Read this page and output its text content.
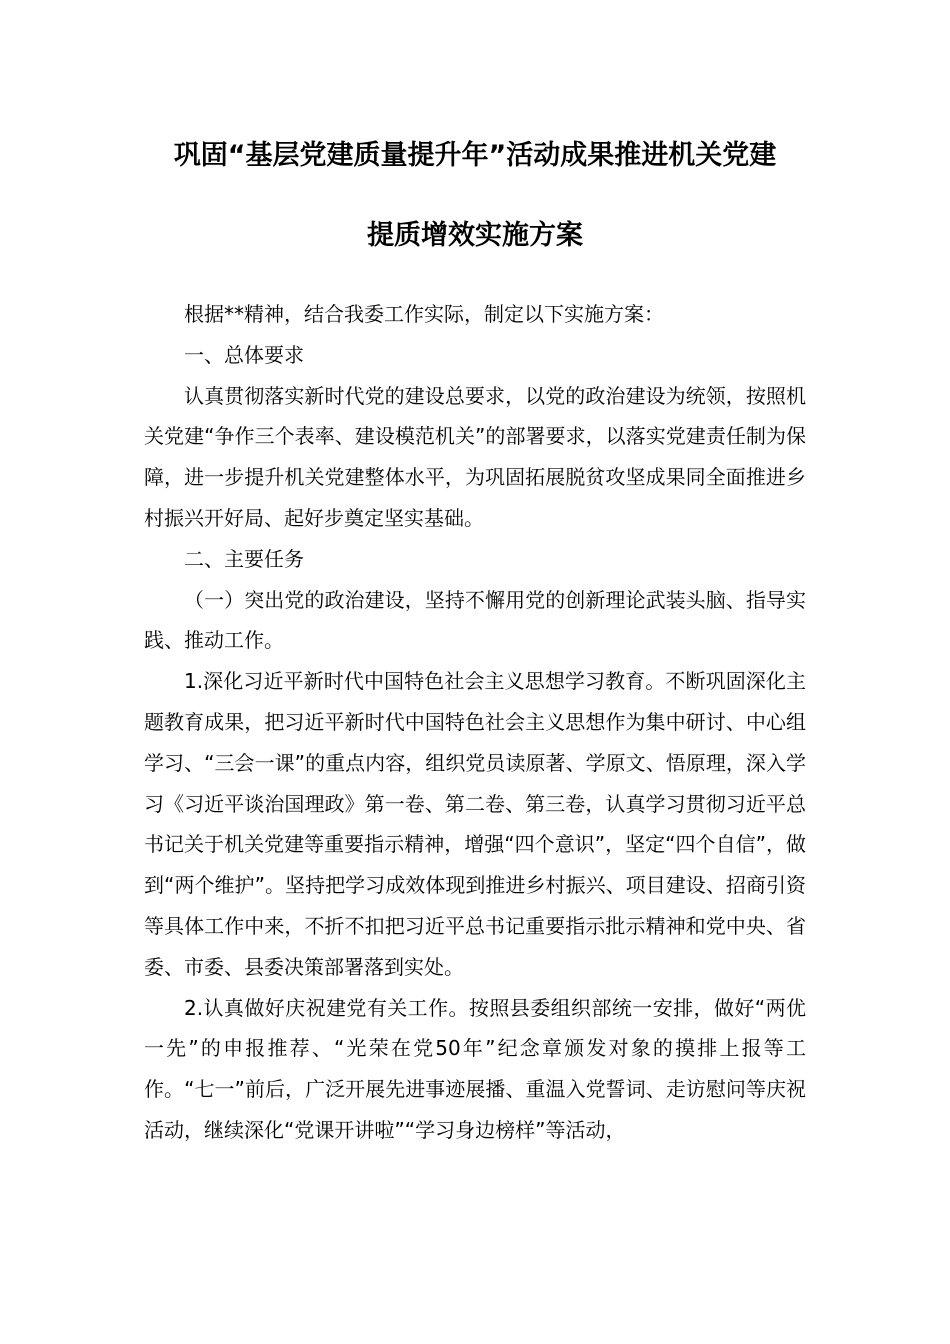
巩固“基层党建质量提升年”活动成果推进机关党建
提质增效实施方案

根据**精神，结合我委工作实际，制定以下实施方案：

一、总体要求

认真贯彻落实新时代党的建设总要求，以党的政治建设为统领，按照机关党建“争作三个表率、建设模范机关”的部署要求，以落实党建责任制为保障，进一步提升机关党建整体水平，为巩固拓展脱贫攻坚成果同全面推进乡村振兴开好局、起好步奠定坚实基础。

二、主要任务

（一）突出党的政治建设，坚持不懈用党的创新理论武装头脑、指导实践、推动工作。

1.深化习近平新时代中国特色社会主义思想学习教育。不断巩固深化主题教育成果，把习近平新时代中国特色社会主义思想作为集中研讨、中心组学习、“三会一课”的重点内容，组织党员读原著、学原文、悟原理，深入学习《习近平谈治国理政》第一卷、第二卷、第三卷，认真学习贯彻习近平总书记关于机关党建等重要指示精神，增强“四个意识”，坚定“四个自信”，做到“两个维护”。坚持把学习成效体现到推进乡村振兴、项目建设、招商引资等具体工作中来，不折不扣把习近平总书记重要指示批示精神和党中央、省委、市委、县委决策部署落到实处。

2.认真做好庆祝建党有关工作。按照县委组织部统一安排，做好“两优一先”的申报推荐、“光荣在党50年”纪念章颁发对象的摸排上报等工作。“七一”前后，广泛开展先进事迹展播、重温入党誓词、走访慰问等庆祝活动，继续深化“党课开讲啦”“学习身边榜样”等活动，
